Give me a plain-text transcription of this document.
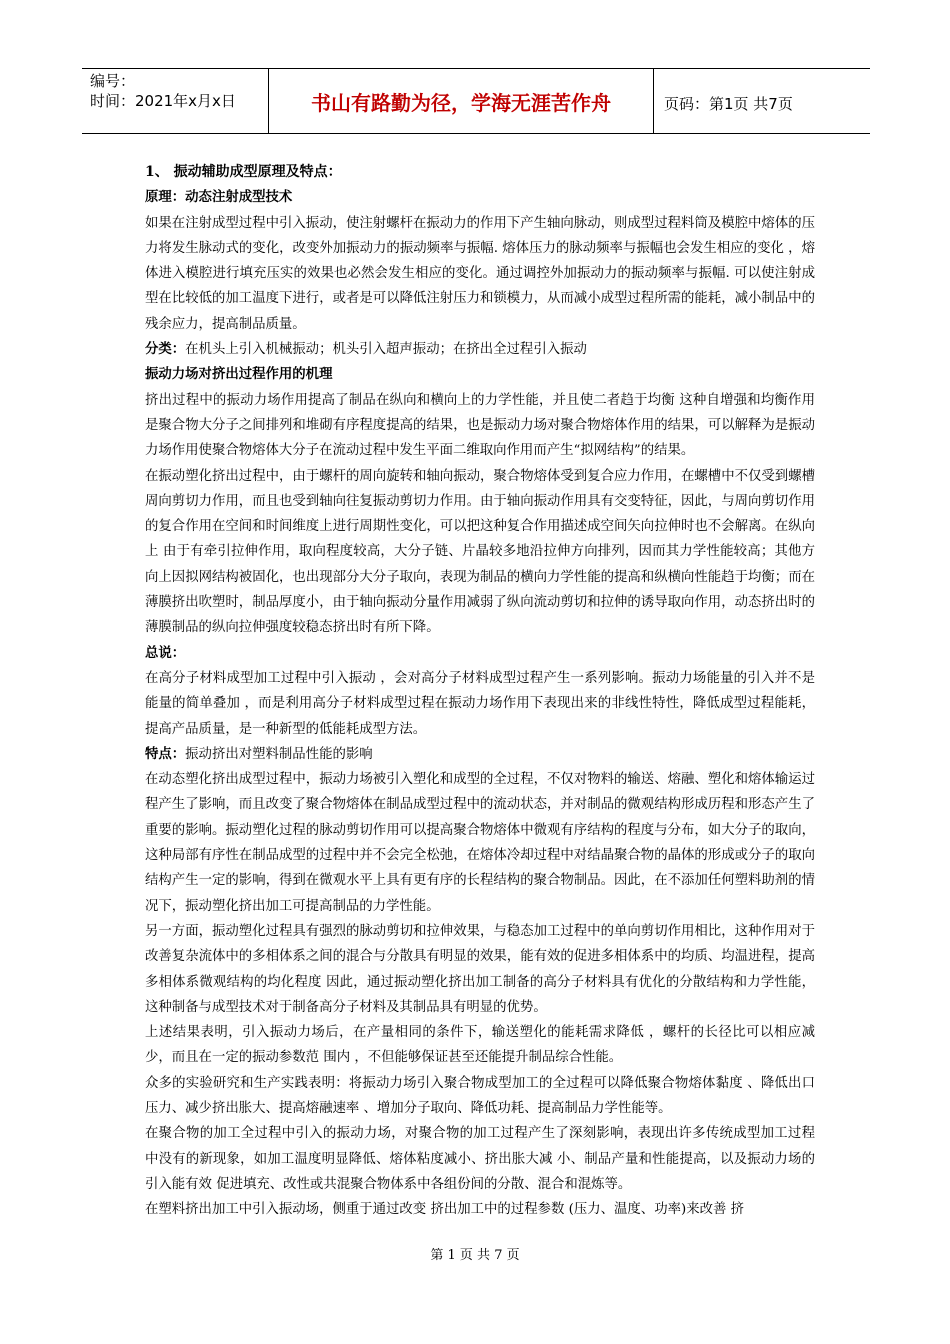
编号：
时间：2021年x月x日	书山有路勤为径，学海无涯苦作舟	页码：第1页 共7页

1、 振动辅助成型原理及特点：

原理：动态注射成型技术

如果在注射成型过程中引入振动，使注射螺杆在振动力的作用下产生轴向脉动，则成型过程料筒及模腔中熔体的压力将发生脉动式的变化，改变外加振动力的振动频率与振幅. 熔体压力的脉动频率与振幅也会发生相应的变化 ，熔体进入模腔进行填充压实的效果也必然会发生相应的变化。通过调控外加振动力的振动频率与振幅. 可以使注射成型在比较低的加工温度下进行，或者是可以降低注射压力和锁模力，从而减小成型过程所需的能耗，减小制品中的残余应力，提高制品质量。

分类：在机头上引入机械振动；机头引入超声振动；在挤出全过程引入振动

振动力场对挤出过程作用的机理

挤出过程中的振动力场作用提高了制品在纵向和横向上的力学性能，并且使二者趋于均衡 这种自增强和均衡作用是聚合物大分子之间排列和堆砌有序程度提高的结果，也是振动力场对聚合物熔体作用的结果，可以解释为是振动力场作用使聚合物熔体大分子在流动过程中发生平面二维取向作用而产生“拟网结构”的结果。

在振动塑化挤出过程中，由于螺杆的周向旋转和轴向振动，聚合物熔体受到复合应力作用，在螺槽中不仅受到螺槽周向剪切力作用，而且也受到轴向往复振动剪切力作用。由于轴向振动作用具有交变特征，因此，与周向剪切作用的复合作用在空间和时间维度上进行周期性变化，可以把这种复合作用描述成空间矢向拉伸时也不会解离。在纵向上 由于有牵引拉伸作用，取向程度较高，大分子链、片晶较多地沿拉伸方向排列，因而其力学性能较高；其他方向上因拟网结构被固化，也出现部分大分子取向，表现为制品的横向力学性能的提高和纵横向性能趋于均衡；而在薄膜挤出吹塑时，制品厚度小，由于轴向振动分量作用减弱了纵向流动剪切和拉伸的诱导取向作用，动态挤出时的薄膜制品的纵向拉伸强度较稳态挤出时有所下降。

总说：

在高分子材料成型加工过程中引入振动 ，会对高分子材料成型过程产生一系列影响。振动力场能量的引入并不是能量的简单叠加 ，而是利用高分子材料成型过程在振动力场作用下表现出来的非线性特性，降低成型过程能耗，提高产品质量，是一种新型的低能耗成型方法。

特点：振动挤出对塑料制品性能的影响

在动态塑化挤出成型过程中，振动力场被引入塑化和成型的全过程，不仅对物料的输送、熔融、塑化和熔体输运过程产生了影响，而且改变了聚合物熔体在制品成型过程中的流动状态，并对制品的微观结构形成历程和形态产生了重要的影响。振动塑化过程的脉动剪切作用可以提高聚合物熔体中微观有序结构的程度与分布，如大分子的取向，这种局部有序性在制品成型的过程中并不会完全松弛，在熔体冷却过程中对结晶聚合物的晶体的形成或分子的取向结构产生一定的影响，得到在微观水平上具有更有序的长程结构的聚合物制品。因此，在不添加任何塑料助剂的情况下，振动塑化挤出加工可提高制品的力学性能。

另一方面，振动塑化过程具有强烈的脉动剪切和拉伸效果，与稳态加工过程中的单向剪切作用相比，这种作用对于改善复杂流体中的多相体系之间的混合与分散具有明显的效果，能有效的促进多相体系中的均质、均温进程，提高多相体系微观结构的均化程度 因此，通过振动塑化挤出加工制备的高分子材料具有优化的分散结构和力学性能，这种制备与成型技术对于制备高分子材料及其制品具有明显的优势。

上述结果表明，引入振动力场后，在产量相同的条件下，输送塑化的能耗需求降低 ，螺杆的长径比可以相应减少，而且在一定的振动参数范 围内 ，不但能够保证甚至还能提升制品综合性能。

众多的实验研究和生产实践表明：将振动力场引入聚合物成型加工的全过程可以降低聚合物熔体黏度 、降低出口压力、减少挤出胀大、提高熔融速率 、增加分子取向、降低功耗、提高制品力学性能等。

在聚合物的加工全过程中引入的振动力场，对聚合物的加工过程产生了深刻影响，表现出许多传统成型加工过程 中没有的新现象，如加工温度明显降低、熔体粘度减小、挤出胀大减 小、制品产量和性能提高，以及振动力场的引入能有效 促进填充、改性或共混聚合物体系中各组份间的分散、混合和混炼等。

在塑料挤出加工中引入振动场，侧重于通过改变 挤出加工中的过程参数 (压力、温度、功率)来改善 挤

第 1 页 共 7 页
